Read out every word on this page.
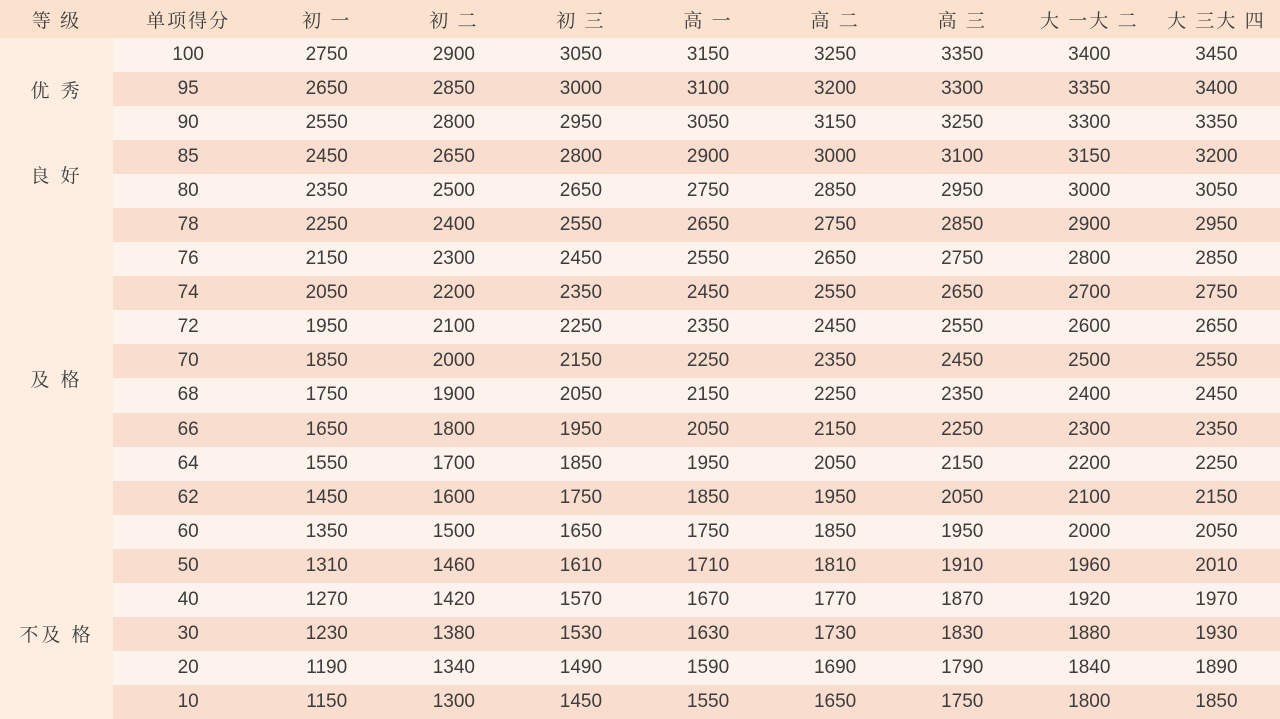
等 级	单项得分	初 一	初 二	初 三	高 一	高 二	高 三	大 一大 二	大 三大 四
优 秀	100	2750	2900	3050	3150	3250	3350	3400	3450
	95	2650	2850	3000	3100	3200	3300	3350	3400
	90	2550	2800	2950	3050	3150	3250	3300	3350
良 好	85	2450	2650	2800	2900	3000	3100	3150	3200
	80	2350	2500	2650	2750	2850	2950	3000	3050
及 格	78	2250	2400	2550	2650	2750	2850	2900	2950
	76	2150	2300	2450	2550	2650	2750	2800	2850
	74	2050	2200	2350	2450	2550	2650	2700	2750
	72	1950	2100	2250	2350	2450	2550	2600	2650
	70	1850	2000	2150	2250	2350	2450	2500	2550
	68	1750	1900	2050	2150	2250	2350	2400	2450
	66	1650	1800	1950	2050	2150	2250	2300	2350
	64	1550	1700	1850	1950	2050	2150	2200	2250
	62	1450	1600	1750	1850	1950	2050	2100	2150
	60	1350	1500	1650	1750	1850	1950	2000	2050
不及 格	50	1310	1460	1610	1710	1810	1910	1960	2010
	40	1270	1420	1570	1670	1770	1870	1920	1970
	30	1230	1380	1530	1630	1730	1830	1880	1930
	20	1190	1340	1490	1590	1690	1790	1840	1890
	10	1150	1300	1450	1550	1650	1750	1800	1850
